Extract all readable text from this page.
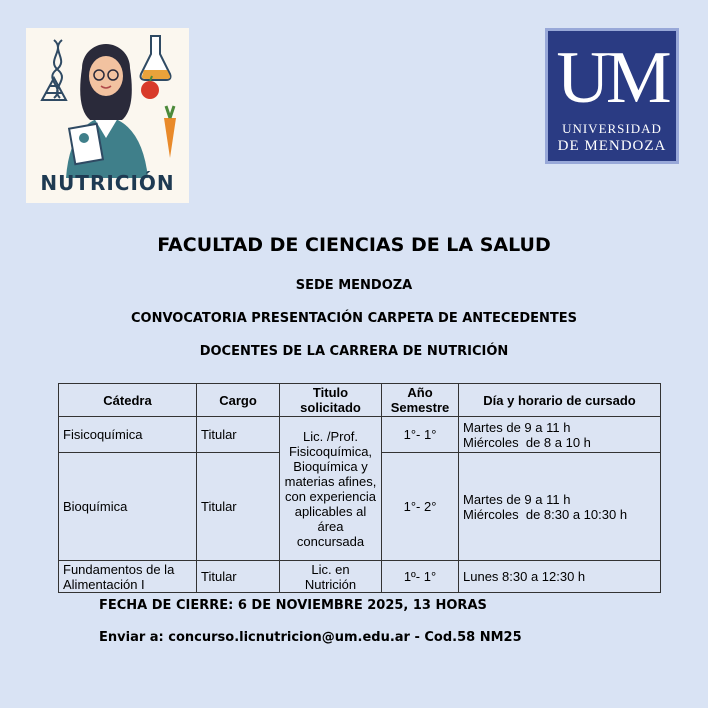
NUTRICIÓN
UM
UNIVERSIDAD
DE MENDOZA
FACULTAD DE CIENCIAS DE LA SALUD
SEDE MENDOZA
CONVOCATORIA PRESENTACIÓN CARPETA DE ANTECEDENTES
DOCENTES DE LA CARRERA DE NUTRICIÓN
Cátedra	Cargo	Titulo solicitado	Año Semestre	Día y horario de cursado
Fisicoquímica	Titular	Lic. /Prof. Fisicoquímica, Bioquímica y materias afines, con experiencia aplicables al área concursada	1°- 1°	Martes de 9 a 11 h
Miércoles  de 8 a 10 h

Bioquímica	Titular		1°- 2°	Martes de 9 a 11 h
Miércoles  de 8:30 a 10:30 h

Fundamentos de la Alimentación I	Titular	Lic. en Nutrición	1º- 1°	Lunes 8:30 a 12:30 h
FECHA DE CIERRE: 6 DE NOVIEMBRE 2025, 13 HORAS
Enviar a: concurso.licnutricion@um.edu.ar - Cod.58 NM25
